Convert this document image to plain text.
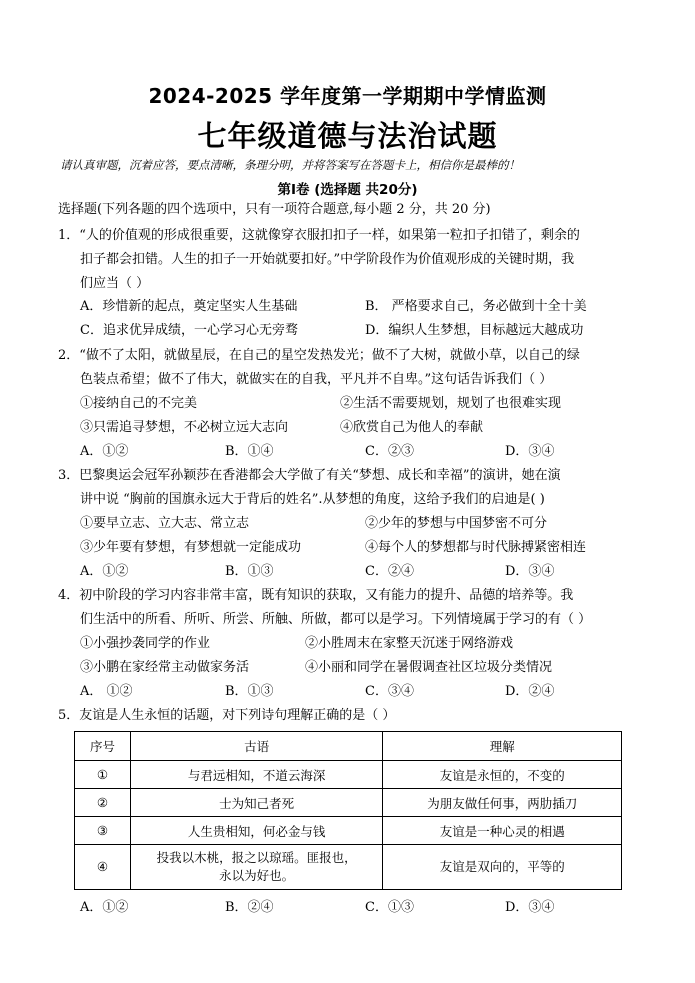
2024-2025 学年度第一学期期中学情监测
七年级道德与法治试题
请认真审题，沉着应答，要点清晰，条理分明，并将答案写在答题卡上，相信你是最棒的！
第Ⅰ卷 (选择题 共20分)
选择题(下列各题的四个选项中，只有一项符合题意,每小题 2 分，共 20 分)
1．“人的价值观的形成很重要，这就像穿衣服扣扣子一样，如果第一粒扣子扣错了，剩余的
扣子都会扣错。人生的扣子一开始就要扣好。”中学阶段作为价值观形成的关键时期，我
们应当（ ）
A．珍惜新的起点，奠定坚实人生基础	B． 严格要求自己，务必做到十全十美
C．追求优异成绩，一心学习心无旁骛	D．编织人生梦想，目标越远大越成功
2．“做不了太阳，就做星辰，在自己的星空发热发光；做不了大树，就做小草，以自己的绿
色装点希望；做不了伟大，就做实在的自我，平凡并不自卑。”这句话告诉我们（ ）
①接纳自己的不完美	②生活不需要规划，规划了也很难实现
③只需追寻梦想，不必树立远大志向	④欣赏自己为他人的奉献
A．①②	B．①④	C．②③	D．③④
3．巴黎奥运会冠军孙颖莎在香港都会大学做了有关“梦想、成长和幸福”的演讲，她在演
讲中说 “胸前的国旗永远大于背后的姓名”.从梦想的角度，这给予我们的启迪是( )
①要早立志、立大志、常立志	②少年的梦想与中国梦密不可分
③少年要有梦想，有梦想就一定能成功	④每个人的梦想都与时代脉搏紧密相连
A．①②	B．①③	C．②④	D．③④
4．初中阶段的学习内容非常丰富，既有知识的获取，又有能力的提升、品德的培养等。我
们生活中的所看、所听、所尝、所触、所做，都可以是学习。下列情境属于学习的有（ ）
①小强抄袭同学的作业	②小胜周末在家整天沉迷于网络游戏
③小鹏在家经常主动做家务活	④小丽和同学在暑假调查社区垃圾分类情况
A． ①②	B．①③	C．③④	D．②④
5．友谊是人生永恒的话题，对下列诗句理解正确的是（ ）
序号	古语	理解
①	与君远相知，不道云海深	友谊是永恒的，不变的
②	士为知己者死	为朋友做任何事，两肋插刀
③	人生贵相知，何必金与钱	友谊是一种心灵的相遇
④	投我以木桃，报之以琼瑶。匪报也，
永以为好也。	友谊是双向的，平等的
A．①②	B．②④	C．①③	D．③④
